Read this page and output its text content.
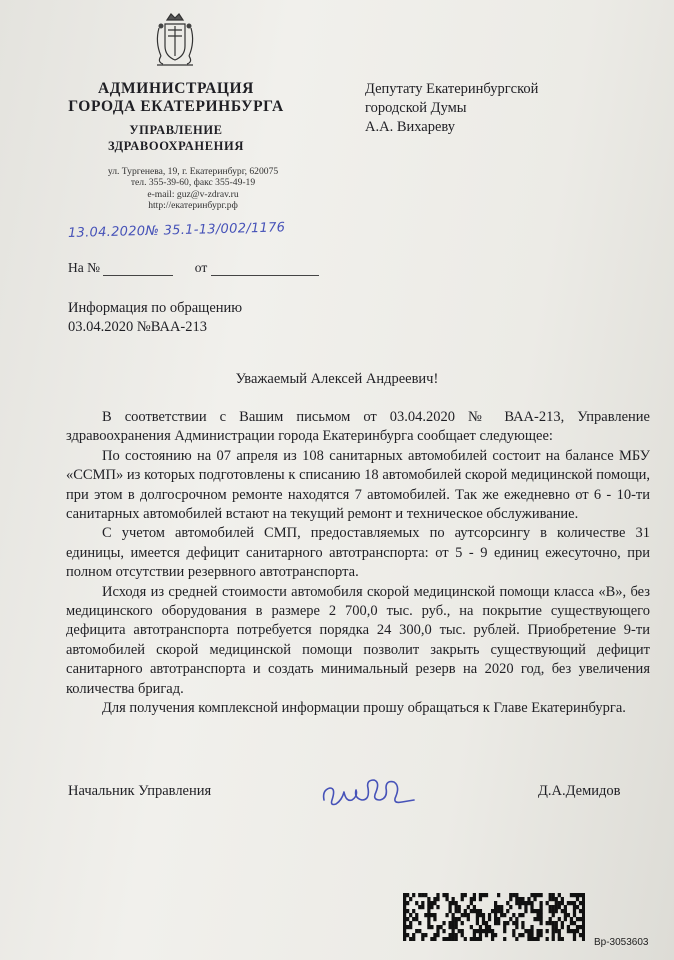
АДМИНИСТРАЦИЯ
ГОРОДА ЕКАТЕРИНБУРГА
УПРАВЛЕНИЕ
ЗДРАВООХРАНЕНИЯ
ул. Тургенева, 19, г. Екатеринбург, 620075
тел. 355-39-60, факс 355-49-19
e-mail: guz@v-zdrav.ru
http://екатеринбург.рф
Депутату Екатеринбургской
городской Думы
А.А. Вихареву
13.04.2020№ 35.1-13/002/1176
На №	от
Информация по обращению
03.04.2020 №ВАА-213
Уважаемый Алексей Андреевич!

В соответствии с Вашим письмом от 03.04.2020 № ВАА-213, Управление здравоохранения Администрации города Екатеринбурга сообщает следующее:

По состоянию на 07 апреля из 108 санитарных автомобилей состоит на балансе МБУ «ССМП» из которых подготовлены к списанию 18 автомобилей скорой медицинской помощи, при этом в долгосрочном ремонте находятся 7 автомобилей. Так же ежедневно от 6 - 10-ти санитарных автомобилей встают на текущий ремонт и техническое обслуживание.

С учетом автомобилей СМП, предоставляемых по аутсорсингу в количестве 31 единицы, имеется дефицит санитарного автотранспорта: от 5 - 9 единиц ежесуточно, при полном отсутствии резервного автотранспорта.

Исходя из средней стоимости автомобиля скорой медицинской помощи класса «В», без медицинского оборудования в размере 2 700,0 тыс. руб., на покрытие существующего дефицита автотранспорта потребуется порядка 24 300,0 тыс. рублей. Приобретение 9-ти автомобилей скорой медицинской помощи позволит закрыть существующий дефицит санитарного автотранспорта и создать минимальный резерв на 2020 год, без увеличения количества бригад.

Для получения комплексной информации прошу обращаться к Главе Екатеринбурга.

Начальник Управления	Д.А.Демидов
Вр-3053603
